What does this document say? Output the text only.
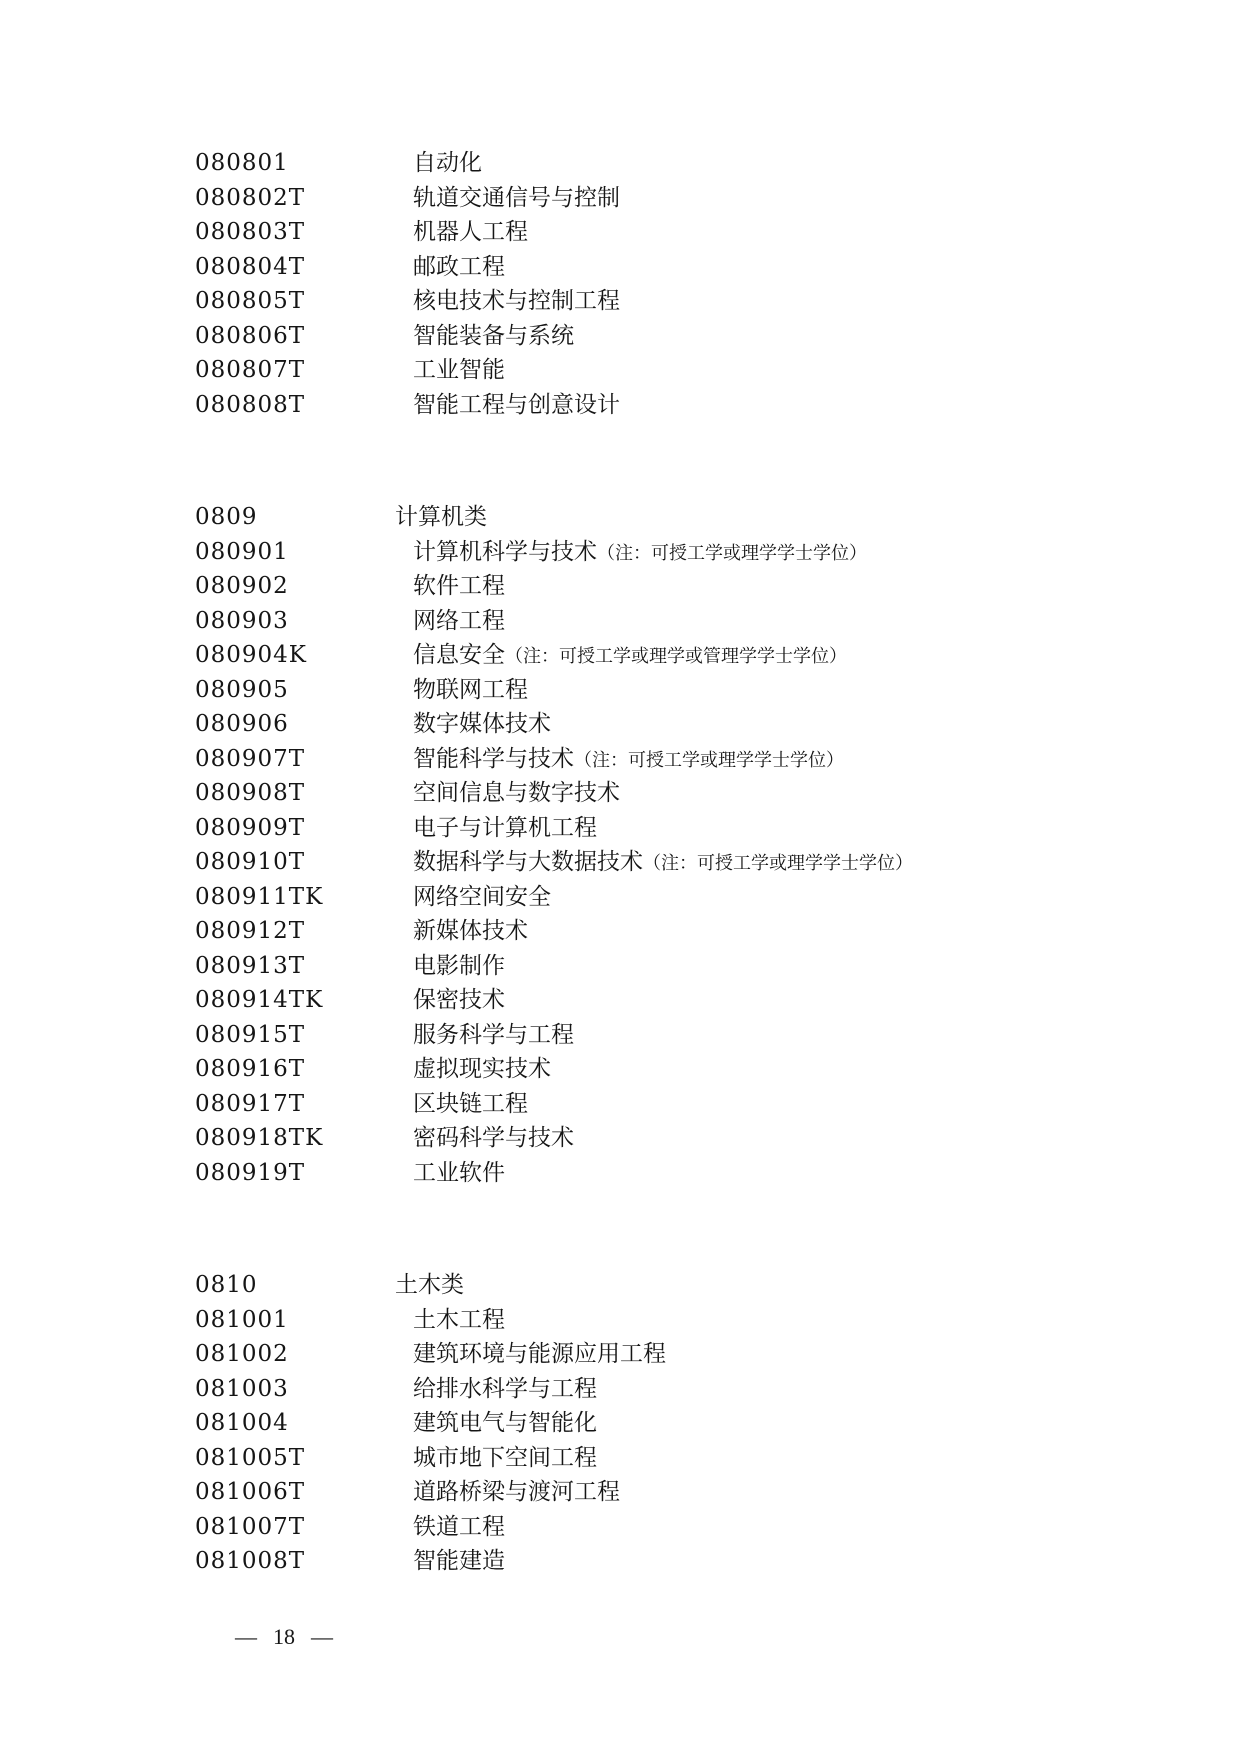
080801	自动化
080802T	轨道交通信号与控制
080803T	机器人工程
080804T	邮政工程
080805T	核电技术与控制工程
080806T	智能装备与系统
080807T	工业智能
080808T	智能工程与创意设计
0809	计算机类
080901	计算机科学与技术（注：可授工学或理学学士学位）
080902	软件工程
080903	网络工程
080904K	信息安全（注：可授工学或理学或管理学学士学位）
080905	物联网工程
080906	数字媒体技术
080907T	智能科学与技术（注：可授工学或理学学士学位）
080908T	空间信息与数字技术
080909T	电子与计算机工程
080910T	数据科学与大数据技术（注：可授工学或理学学士学位）
080911TK	网络空间安全
080912T	新媒体技术
080913T	电影制作
080914TK	保密技术
080915T	服务科学与工程
080916T	虚拟现实技术
080917T	区块链工程
080918TK	密码科学与技术
080919T	工业软件
0810	土木类
081001	土木工程
081002	建筑环境与能源应用工程
081003	给排水科学与工程
081004	建筑电气与智能化
081005T	城市地下空间工程
081006T	道路桥梁与渡河工程
081007T	铁道工程
081008T	智能建造
— 18 —
